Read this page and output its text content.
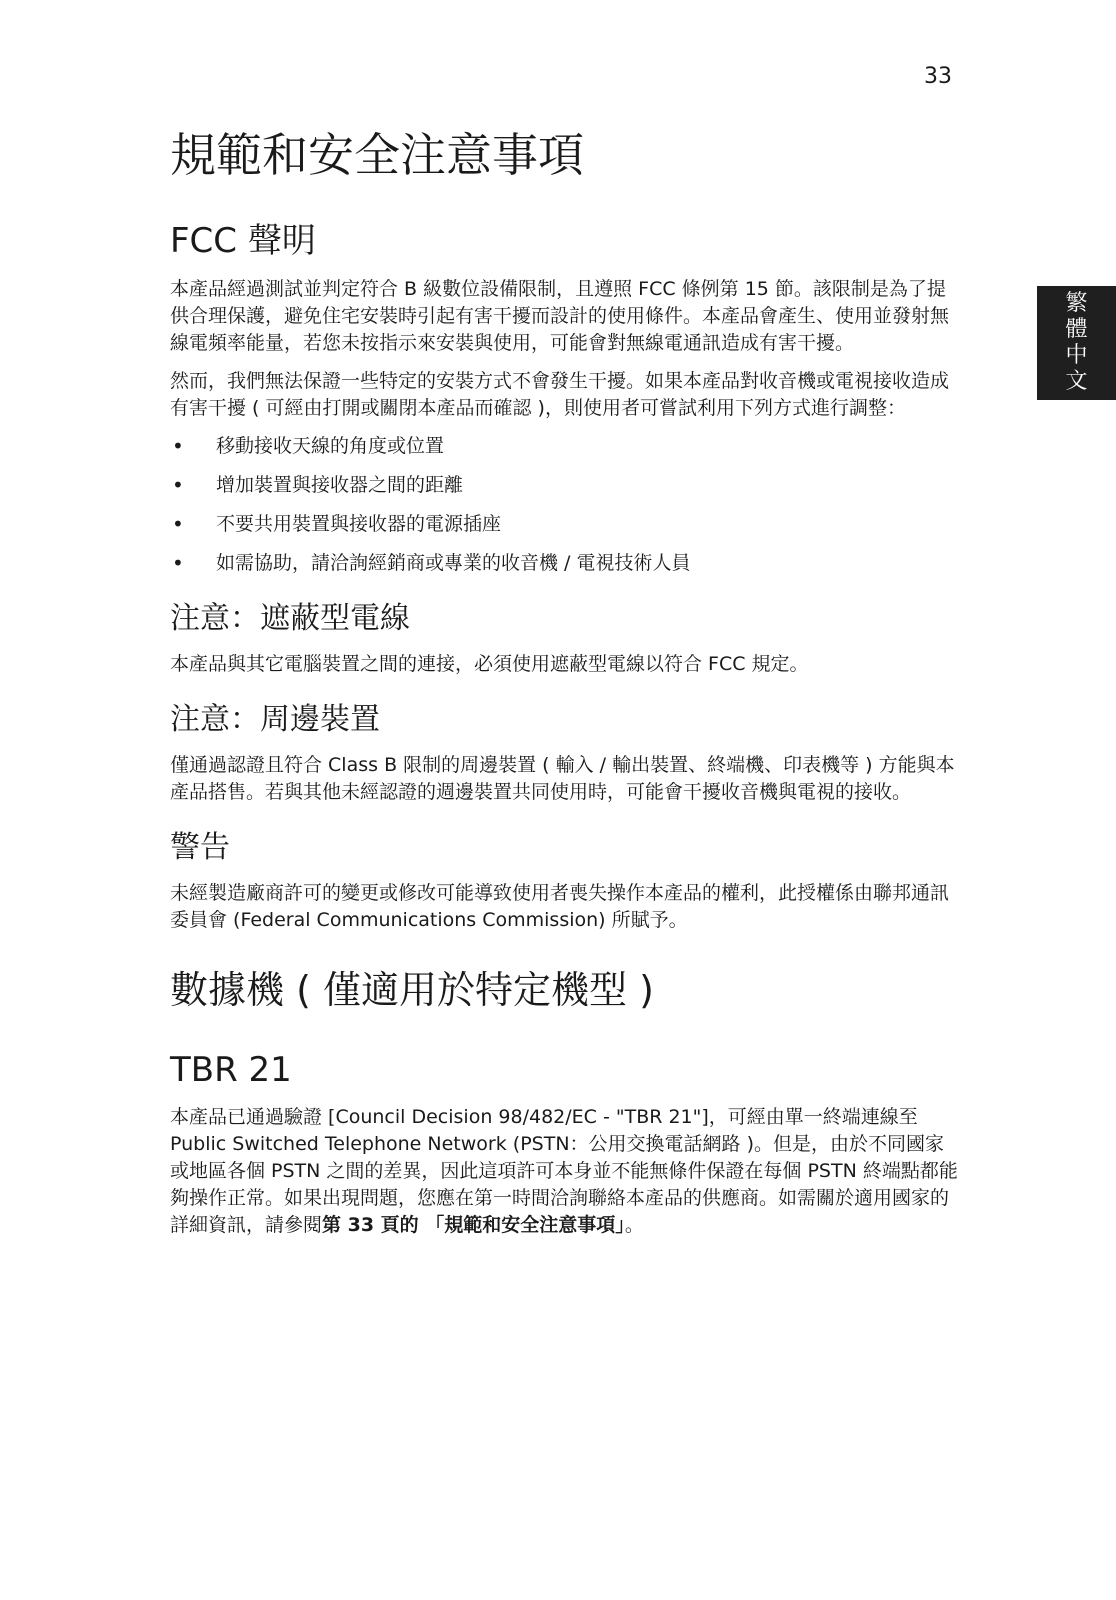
33
繁
體
中
文
規範和安全注意事項
FCC 聲明

本產品經過測試並判定符合 B 級數位設備限制，且遵照 FCC 條例第 15 節。該限制是為了提供合理保護，避免住宅安裝時引起有害干擾而設計的使用條件。本產品會產生、使用並發射無線電頻率能量，若您未按指示來安裝與使用，可能會對無線電通訊造成有害干擾。

然而，我們無法保證一些特定的安裝方式不會發生干擾。如果本產品對收音機或電視接收造成有害干擾 ( 可經由打開或關閉本產品而確認 )，則使用者可嘗試利用下列方式進行調整：

• 移動接收天線的角度或位置
• 增加裝置與接收器之間的距離
• 不要共用裝置與接收器的電源插座
• 如需協助，請洽詢經銷商或專業的收音機 / 電視技術人員
注意：遮蔽型電線

本產品與其它電腦裝置之間的連接，必須使用遮蔽型電線以符合 FCC 規定。

注意：周邊裝置

僅通過認證且符合 Class B 限制的周邊裝置 ( 輸入 / 輸出裝置、終端機、印表機等 ) 方能與本產品搭售。若與其他未經認證的週邊裝置共同使用時，可能會干擾收音機與電視的接收。

警告

未經製造廠商許可的變更或修改可能導致使用者喪失操作本產品的權利，此授權係由聯邦通訊委員會 (Federal Communications Commission) 所賦予。

數據機 ( 僅適用於特定機型 )
TBR 21

本產品已通過驗證 [Council Decision 98/482/EC - "TBR 21"]，可經由單一終端連線至 Public Switched Telephone Network (PSTN：公用交換電話網路 )。但是，由於不同國家或地區各個 PSTN 之間的差異，因此這項許可本身並不能無條件保證在每個 PSTN 終端點都能夠操作正常。如果出現問題，您應在第一時間洽詢聯絡本產品的供應商。如需關於適用國家的詳細資訊，請參閱第 33 頁的 「規範和安全注意事項」。
